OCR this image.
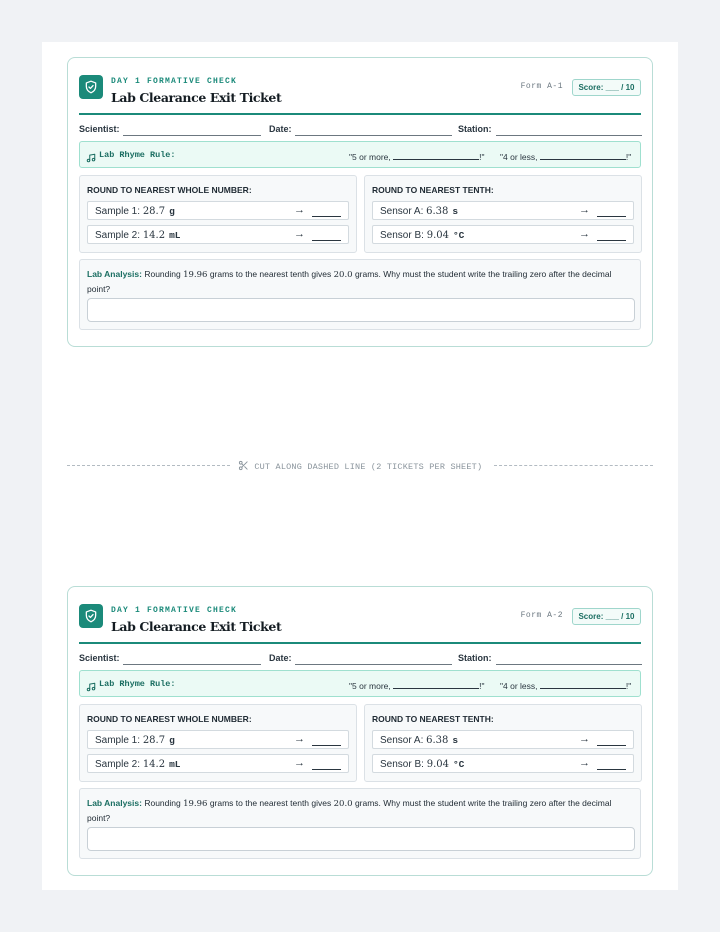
DAY 1 FORMATIVE CHECK
Lab Clearance Exit Ticket
Form A-1	Score: ___ / 10
Scientist:	Date:	Station:
Lab Rhyme Rule:	"5 or more,	!" "4 or less,	!"
ROUND TO NEAREST WHOLE NUMBER:
Sample 1: 28.7 g	→
Sample 2: 14.2 mL	→
ROUND TO NEAREST TENTH:
Sensor A: 6.38 s	→
Sensor B: 9.04 °C	→
Lab Analysis: Rounding 19.96 grams to the nearest tenth gives 20.0 grams. Why must the student write the trailing zero after the decimal point?
CUT ALONG DASHED LINE (2 TICKETS PER SHEET)
DAY 1 FORMATIVE CHECK
Lab Clearance Exit Ticket
Form A-2	Score: ___ / 10
Scientist:	Date:	Station:
Lab Rhyme Rule:	"5 or more,	!" "4 or less,	!"
ROUND TO NEAREST WHOLE NUMBER:
Sample 1: 28.7 g	→
Sample 2: 14.2 mL	→
ROUND TO NEAREST TENTH:
Sensor A: 6.38 s	→
Sensor B: 9.04 °C	→
Lab Analysis: Rounding 19.96 grams to the nearest tenth gives 20.0 grams. Why must the student write the trailing zero after the decimal point?
